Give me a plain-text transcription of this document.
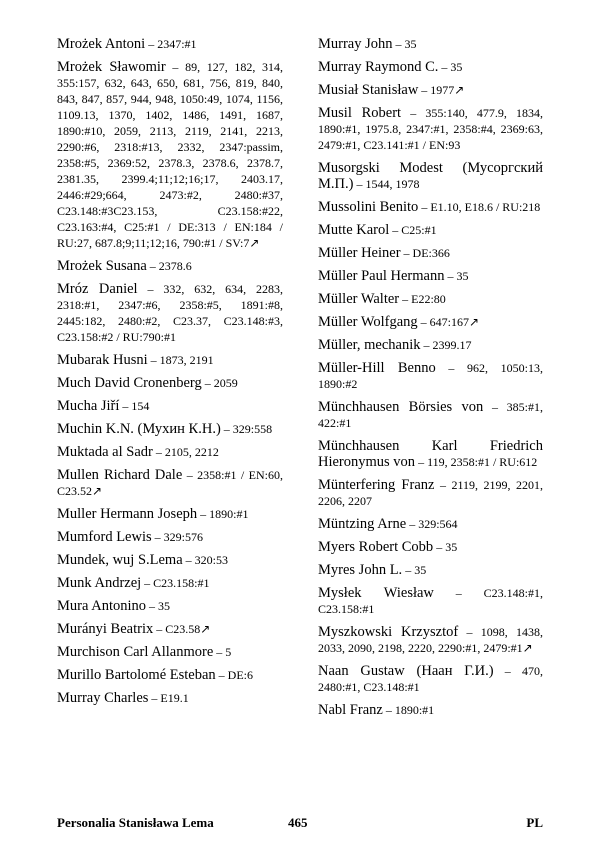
Mrożek Antoni – 2347:#1

Mrożek Sławomir – 89, 127, 182, 314, 355:157, 632, 643, 650, 681, 756, 819, 840, 843, 847, 857, 944, 948, 1050:49, 1074, 1156, 1109.13, 1370, 1402, 1486, 1491, 1687, 1890:#10, 2059, 2113, 2119, 2141, 2213, 2290:#6, 2318:#13, 2332, 2347:passim, 2358:#5, 2369:52, 2378.3, 2378.6, 2378.7, 2381.35, 2399.4;11;12;16;17, 2403.17, 2446:#29;664, 2473:#2, 2480:#37, C23.148:#3C23.153, C23.158:#22, C23.163:#4, C25:#1 / DE:313 / EN:184 / RU:27, 687.8;9;11;12;16, 790:#1 / SV:7↗

Mrożek Susana – 2378.6

Mróz Daniel – 332, 632, 634, 2283, 2318:#1, 2347:#6, 2358:#5, 1891:#8, 2445:182, 2480:#2, C23.37, C23.148:#3, C23.158:#2 / RU:790:#1

Mubarak Husni – 1873, 2191

Much David Cronenberg – 2059

Mucha Jiří – 154

Muchin K.N. (Мухин К.Н.) – 329:558

Muktada al Sadr – 2105, 2212

Mullen Richard Dale – 2358:#1 / EN:60, C23.52↗

Muller Hermann Joseph – 1890:#1

Mumford Lewis – 329:576

Mundek, wuj S.Lema – 320:53

Munk Andrzej – C23.158:#1

Mura Antonino – 35

Murányi Beatrix – C23.58↗

Murchison Carl Allanmore – 5

Murillo Bartolomé Esteban – DE:6

Murray Charles – E19.1

Murray John – 35

Murray Raymond C. – 35

Musiał Stanisław – 1977↗

Musil Robert – 355:140, 477.9, 1834, 1890:#1, 1975.8, 2347:#1, 2358:#4, 2369:63, 2479:#1, C23.141:#1 / EN:93

Musorgski Modest (Мусоргский М.П.) – 1544, 1978

Mussolini Benito – E1.10, E18.6 / RU:218

Mutte Karol – C25:#1

Müller Heiner – DE:366

Müller Paul Hermann – 35

Müller Walter – E22:80

Müller Wolfgang – 647:167↗

Müller, mechanik – 2399.17

Müller-Hill Benno – 962, 1050:13, 1890:#2

Münchhausen Börsies von – 385:#1, 422:#1

Münchhausen Karl Friedrich Hieronymus von – 119, 2358:#1 / RU:612

Münterfering Franz – 2119, 2199, 2201, 2206, 2207

Müntzing Arne – 329:564

Myers Robert Cobb – 35

Myres John L. – 35

Mysłek Wiesław – C23.148:#1, C23.158:#1

Myszkowski Krzysztof – 1098, 1438, 2033, 2090, 2198, 2220, 2290:#1, 2479:#1↗

Naan Gustaw (Наан Г.И.) – 470, 2480:#1, C23.148:#1

Nabl Franz – 1890:#1

Personalia Stanisława Lema	465	PL
